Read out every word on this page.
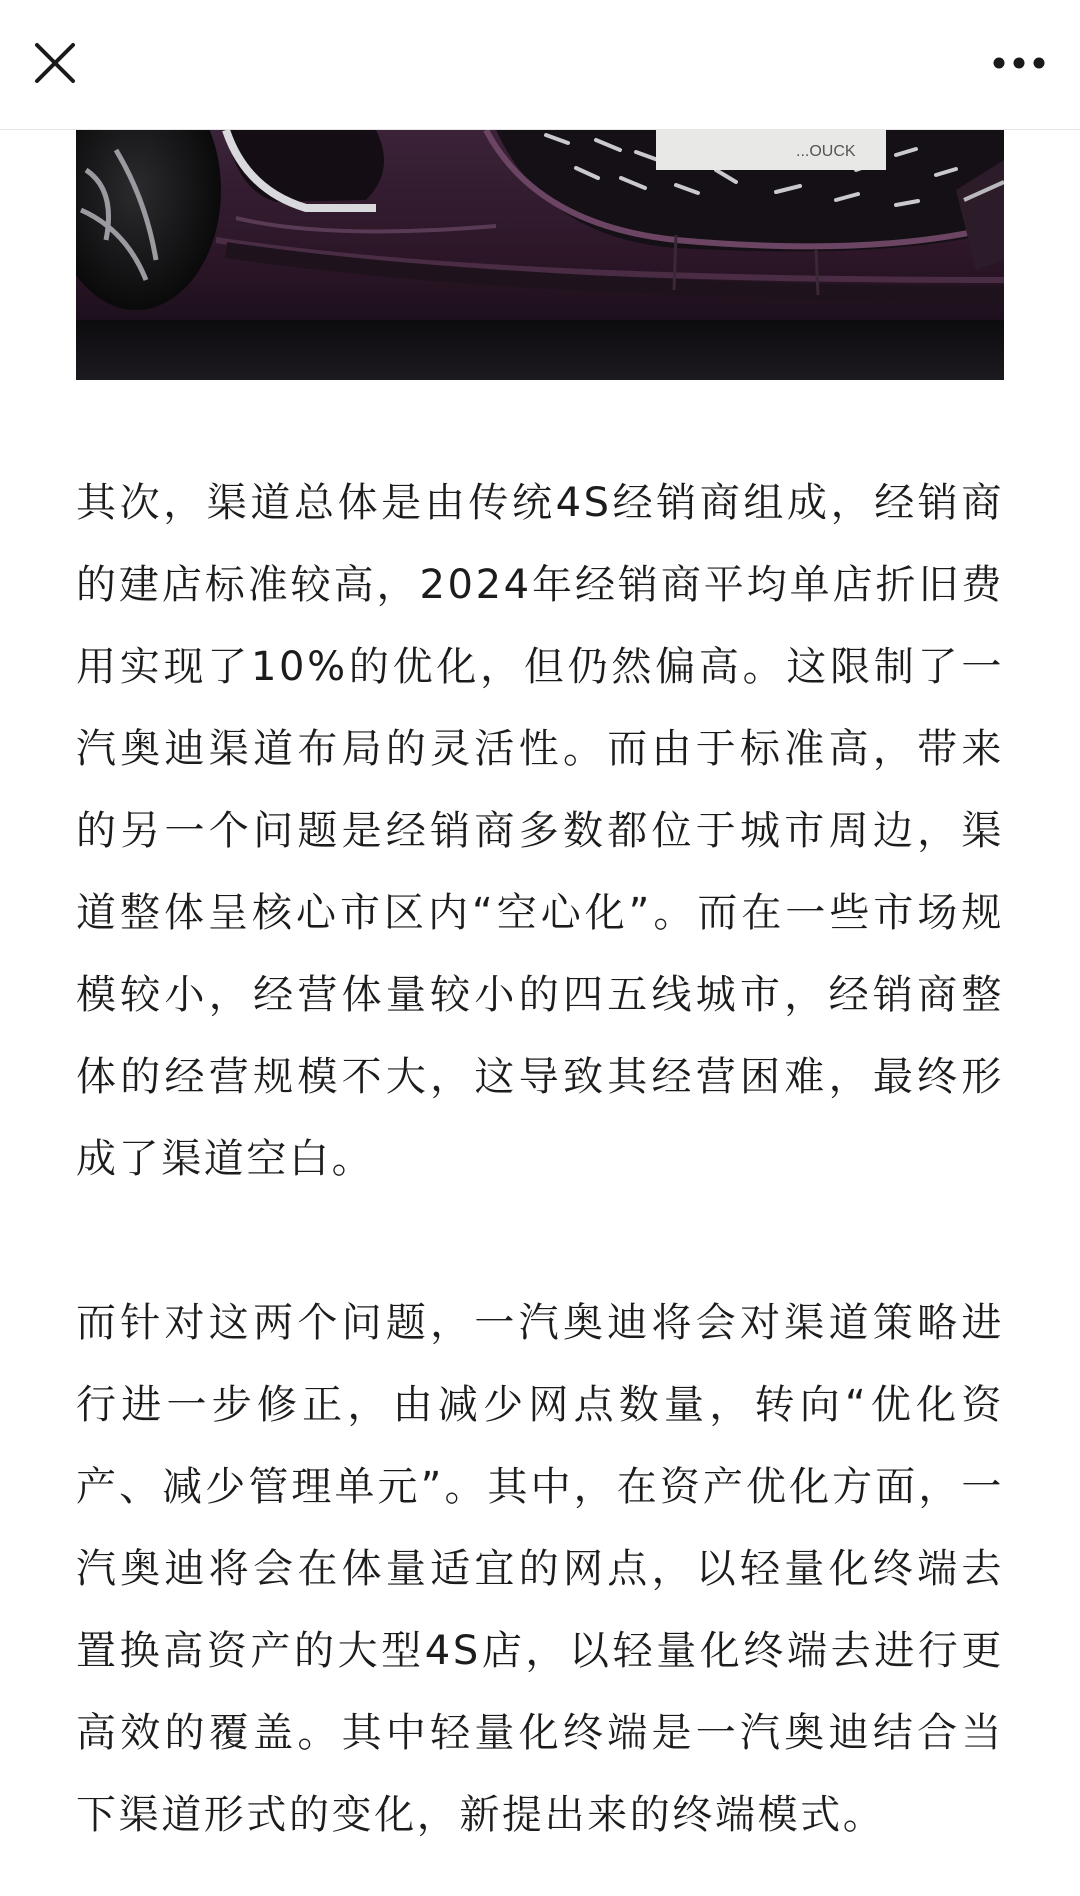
...OUCK

其次，渠道总体是由传统4S经销商组成，经销商的建店标准较高，2024年经销商平均单店折旧费用实现了10%的优化，但仍然偏高。这限制了一汽奥迪渠道布局的灵活性。而由于标准高，带来的另一个问题是经销商多数都位于城市周边，渠道整体呈核心市区内“空心化”。而在一些市场规模较小，经营体量较小的四五线城市，经销商整体的经营规模不大，这导致其经营困难，最终形成了渠道空白。

而针对这两个问题，一汽奥迪将会对渠道策略进行进一步修正，由减少网点数量，转向“优化资产、减少管理单元”。其中，在资产优化方面，一汽奥迪将会在体量适宜的网点，以轻量化终端去置换高资产的大型4S店，以轻量化终端去进行更高效的覆盖。其中轻量化终端是一汽奥迪结合当下渠道形式的变化，新提出来的终端模式。
